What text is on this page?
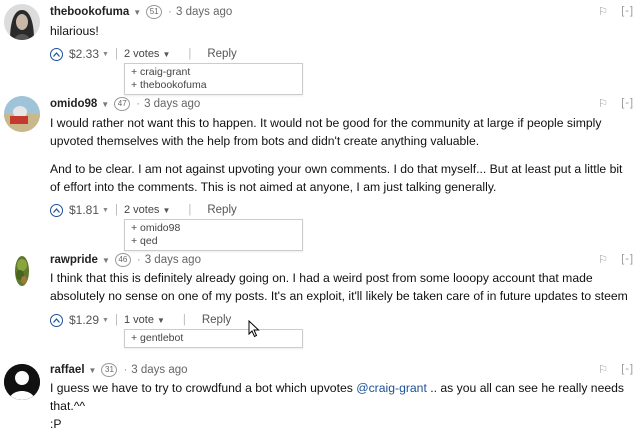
thebookofuma ▼	51 · 3 days ago	⚐ [-]

hilarious!

$2.33 ▼ | 2 votes ▼ | Reply
+ craig-grant
+ thebookofuma
omido98 ▼	47 · 3 days ago	⚐ [-]

I would rather not want this to happen. It would not be good for the community at large if people simply upvoted themselves with the help from bots and didn't create anything valuable.

And to be clear. I am not against upvoting your own comments. I do that myself... But at least put a little bit of effort into the comments. This is not aimed at anyone, I am just talking generally.

$1.81 ▼ | 2 votes ▼ | Reply
+ omido98
+ qed
rawpride ▼	46 · 3 days ago	⚐ [-]

I think that this is definitely already going on. I had a weird post from some looopy account that made absolutely no sense on one of my posts. It's an exploit, it'll likely be taken care of in future updates to steem

$1.29 ▼ | 1 vote ▼ | Reply
+ gentlebot
raffael ▼	31 · 3 days ago	⚐ [-]

I guess we have to try to crowdfund a bot which upvotes @craig-grant .. as you all can see he really needs that.^^

:P
